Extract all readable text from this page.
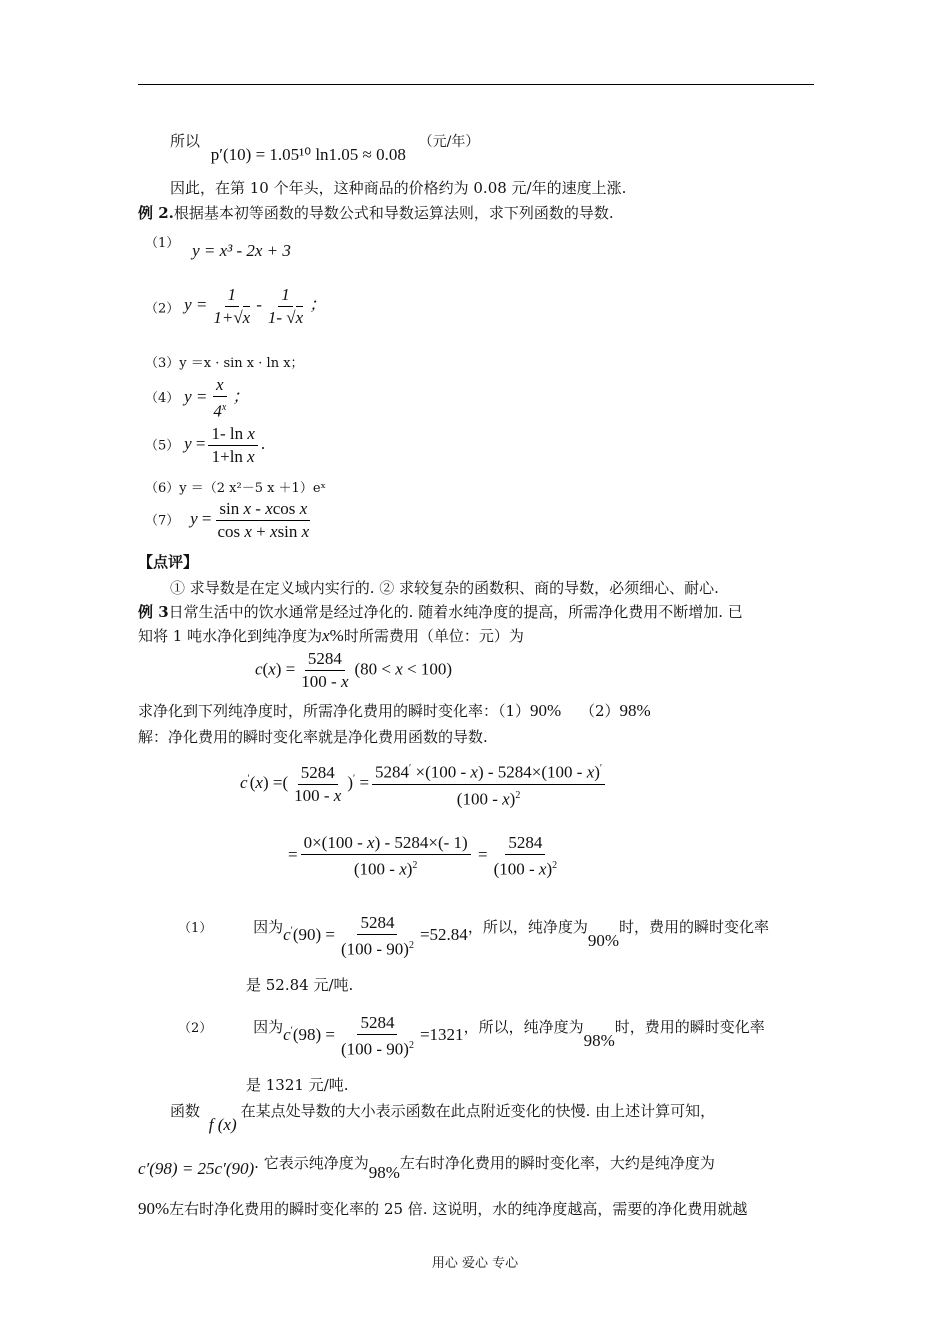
所以 p′(10) = 1.05¹⁰ ln1.05 ≈ 0.08 （元/年）
因此，在第 10 个年头，这种商品的价格约为 0.08 元/年的速度上涨.
例 2.根据基本初等函数的导数公式和导数运算法则，求下列函数的导数.
（1） y = x³ - 2x + 3
（2） $y = \frac{1}{1+√x} - \frac{1}{1- √x}$ ；
（3）y ＝x · sin x · ln x；
（4） $y = \frac{x}{4^x}$ ；
（5） $y = \frac{\text{1- ln x}}{\text{1+ln x}}$ .
（6）y ＝（2 x²－5 x ＋1）eˣ
（7） $y = \frac{\text{sin x - xcos x}}{\text{cos x + xsin x}}$
【点评】
① 求导数是在定义域内实行的. ② 求较复杂的函数积、商的导数，必须细心、耐心.
例 3日常生活中的饮水通常是经过净化的. 随着水纯净度的提高，所需净化费用不断增加. 已
知将 1 吨水净化到纯净度为x%时所需费用（单位：元）为
$c(x) = \frac{5284}{100 - x} (80 < x < 100)$
求净化到下列纯净度时，所需净化费用的瞬时变化率：（1）90% （2）98%
解：净化费用的瞬时变化率就是净化费用函数的导数.
c′(x) =( $\frac{5284}{100 - x} )' = \frac{5284' \times(100 - x) - 5284\times(100 - x)'}{(100 - x)^2}$
= $\frac{0\times(100 - x) - 5284\times(- 1)}{(100 - x)^2} = \frac{5284}{(100 - x)^2}$
（1）	因为$c'(90) = \frac{5284}{(100 - 90)^2} =52.84$，所以，纯净度为90%时，费用的瞬时变化率
是 52.84 元/吨.
（2）	因为$c'(98) = \frac{5284}{(100 - 90)^2} =1321$，所以，纯净度为98%时，费用的瞬时变化率
是 1321 元/吨.
函数 f (x)在某点处导数的大小表示函数在此点附近变化的快慢. 由上述计算可知，
c′(98) = 25c′(90). 它表示纯净度为98%左右时净化费用的瞬时变化率，大约是纯净度为
90%左右时净化费用的瞬时变化率的 25 倍. 这说明，水的纯净度越高，需要的净化费用就越
用心 爱心 专心
